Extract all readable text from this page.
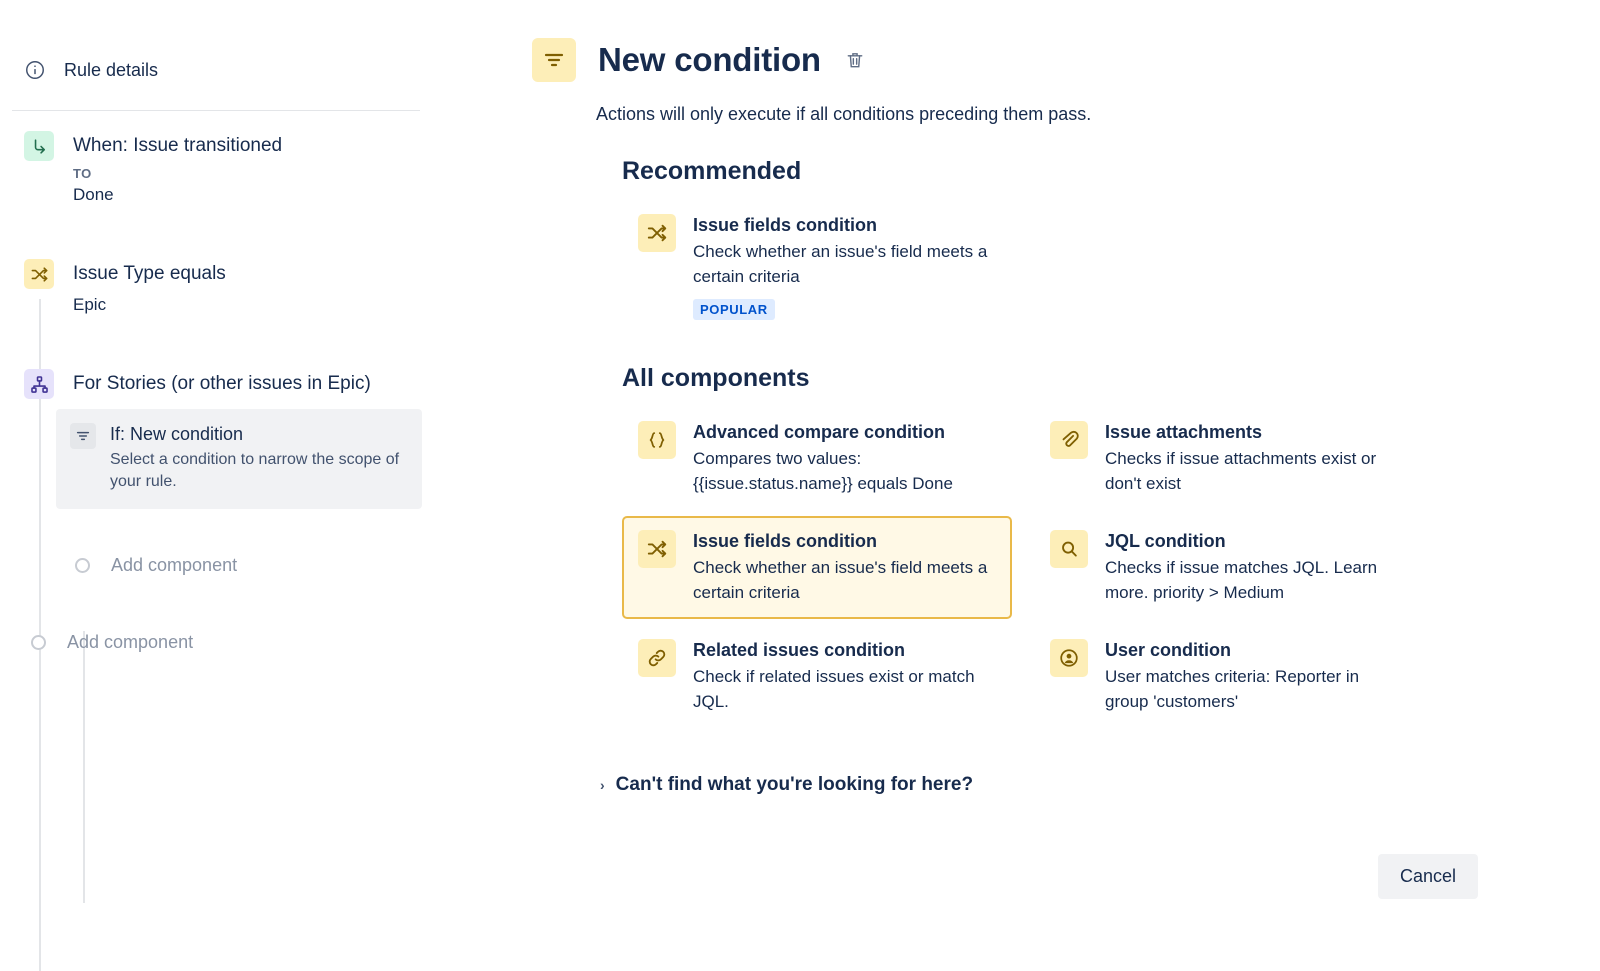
Rule details
When: Issue transitioned
TO
Done
Issue Type equals
Epic
For Stories (or other issues in Epic)
If: New condition
Select a condition to narrow the scope of your rule.
Add component
Add component
New condition
Actions will only execute if all conditions preceding them pass.
Recommended
Issue fields condition
Check whether an issue's field meets a certain criteria
POPULAR
All components
Advanced compare condition
Compares two values: {{issue.status.name}} equals Done
Issue attachments
Checks if issue attachments exist or don't exist
Issue fields condition
Check whether an issue's field meets a certain criteria
JQL condition
Checks if issue matches JQL. Learn more. priority > Medium
Related issues condition
Check if related issues exist or match JQL.
User condition
User matches criteria: Reporter in group 'customers'
› Can't find what you're looking for here?
Cancel
